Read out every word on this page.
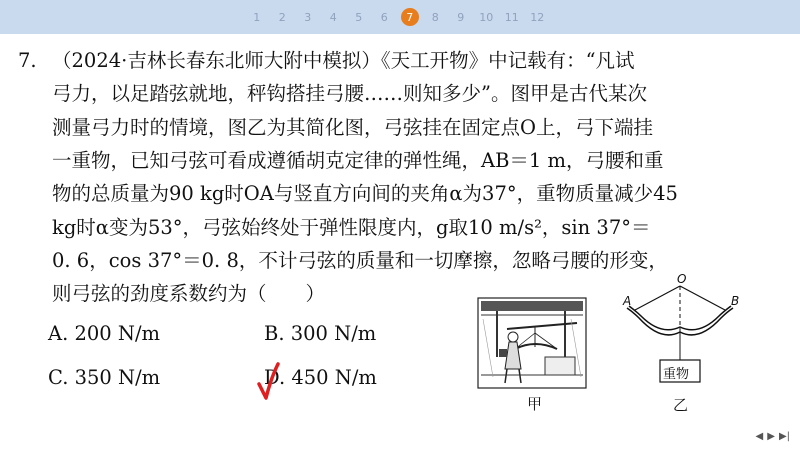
1 2 3 4 5 6	7	8 9 10 11 12
7. （2024·吉林长春东北师大附中模拟）《天工开物》中记载有：“凡试
弓力，以足踏弦就地，秤钩搭挂弓腰……则知多少”。图甲是古代某次
测量弓力时的情境，图乙为其简化图，弓弦挂在固定点O上，弓下端挂
一重物，已知弓弦可看成遵循胡克定律的弹性绳，AB＝1 m，弓腰和重
物的总质量为90 kg时OA与竖直方向间的夹角α为37°，重物质量减少45
kg时α变为53°，弓弦始终处于弹性限度内，g取10 m/s²，sin 37°＝
0. 6，cos 37°＝0. 8，不计弓弦的质量和一切摩擦，忽略弓腰的形变，
则弓弦的劲度系数约为（　　）
A. 200 N/m	B. 300 N/m
C. 350 N/m	D. 450 N/m
甲
O
A	B
重物
乙
◀ ▶ ▶|
